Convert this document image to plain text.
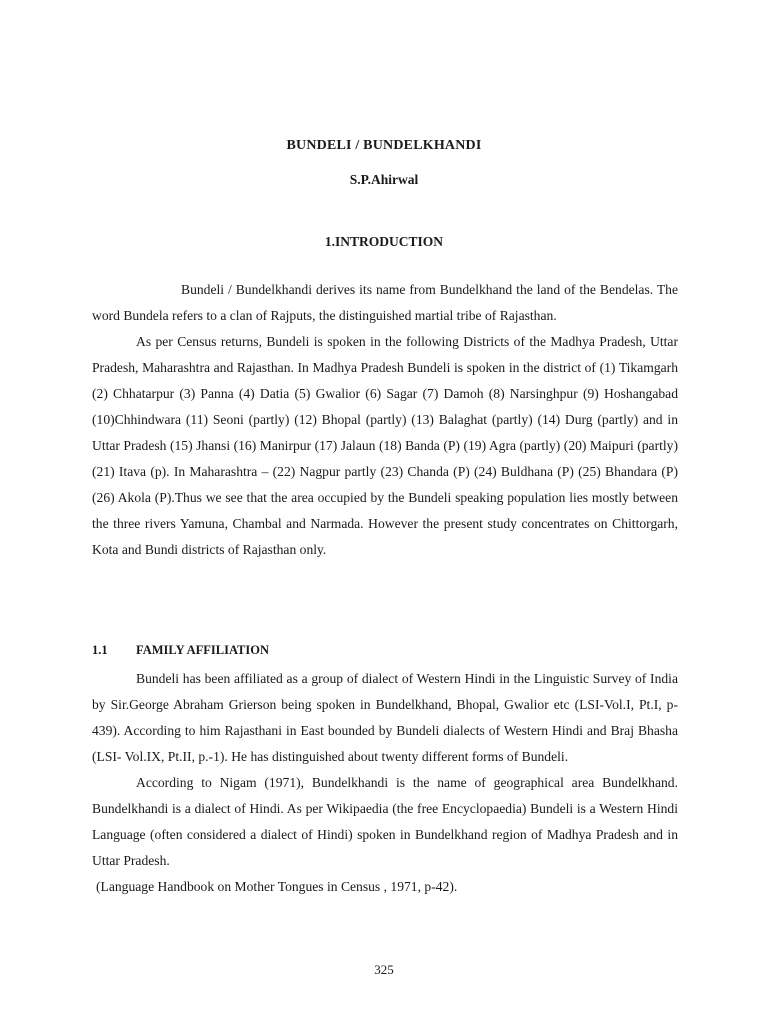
BUNDELI / BUNDELKHANDI
S.P.Ahirwal
1.INTRODUCTION

Bundeli / Bundelkhandi derives its name from Bundelkhand the land of the Bendelas. The word Bundela refers to a clan of Rajputs, the distinguished martial tribe of Rajasthan.

As per Census returns, Bundeli is spoken in the following Districts of the Madhya Pradesh, Uttar Pradesh, Maharashtra and Rajasthan. In Madhya Pradesh Bundeli is spoken in the district of (1) Tikamgarh (2) Chhatarpur (3) Panna (4) Datia (5) Gwalior (6) Sagar (7) Damoh (8) Narsinghpur (9) Hoshangabad (10)Chhindwara (11) Seoni (partly) (12) Bhopal (partly) (13) Balaghat (partly) (14) Durg (partly) and in Uttar Pradesh (15) Jhansi (16) Manirpur (17) Jalaun (18) Banda (P) (19) Agra (partly) (20) Maipuri (partly) (21) Itava (p). In Maharashtra – (22) Nagpur partly (23) Chanda (P) (24) Buldhana (P) (25) Bhandara (P) (26) Akola (P).Thus we see that the area occupied by the Bundeli speaking population lies mostly between the three rivers Yamuna, Chambal and Narmada. However the present study concentrates on Chittorgarh, Kota and Bundi districts of Rajasthan only.

1.1 FAMILY AFFILIATION

Bundeli has been affiliated as a group of dialect of Western Hindi in the Linguistic Survey of India by Sir.George Abraham Grierson being spoken in Bundelkhand, Bhopal, Gwalior etc (LSI-Vol.I, Pt.I, p-439). According to him Rajasthani in East bounded by Bundeli dialects of Western Hindi and Braj Bhasha (LSI- Vol.IX, Pt.II, p.-1). He has distinguished about twenty different forms of Bundeli.

According to Nigam (1971), Bundelkhandi is the name of geographical area Bundelkhand. Bundelkhandi is a dialect of Hindi. As per Wikipaedia (the free Encyclopaedia) Bundeli is a Western Hindi Language (often considered a dialect of Hindi) spoken in Bundelkhand region of Madhya Pradesh and in Uttar Pradesh.

(Language Handbook on Mother Tongues in Census , 1971, p-42).

325
